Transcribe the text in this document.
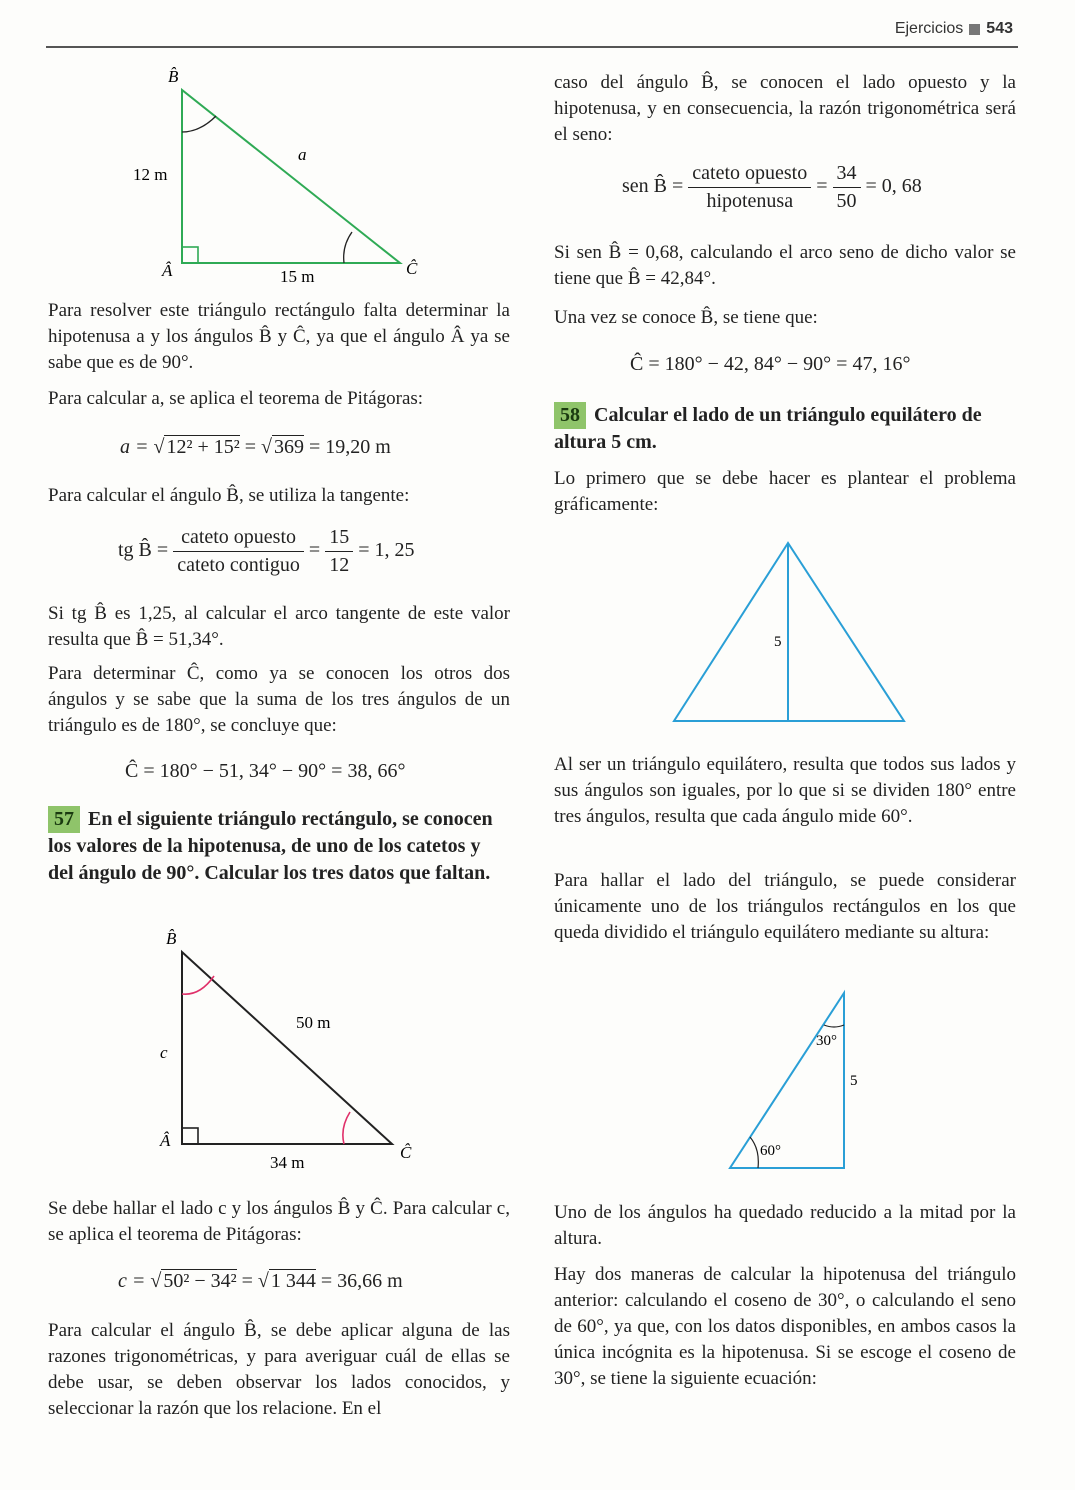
Ejercicios 543
B̂
Â	Ĉ
12 m
15 m
a

Para resolver este triángulo rectángulo falta determinar la hipotenusa a y los ángulos B̂ y Ĉ, ya que el ángulo Â ya se sabe que es de 90°.

Para calcular a, se aplica el teorema de Pitágoras:

a = √ 12² + 15² = √ 369 = 19,20 m

Para calcular el ángulo B̂, se utiliza la tangente:

tg B̂ = $\frac{\text{cateto opuesto}}{\text{cateto contiguo}} = \frac{15}{12} = 1$, 25

Si tg B̂ es 1,25, al calcular el arco tangente de este valor resulta que B̂ = 51,34°.

Para determinar Ĉ, como ya se conocen los otros dos ángulos y se sabe que la suma de los tres ángulos de un triángulo es de 180°, se concluye que:

Ĉ = 180° − 51, 34° − 90° = 38, 66°

57 En el siguiente triángulo rectángulo, se conocen los valores de la hipotenusa, de uno de los catetos y del ángulo de 90°. Calcular los tres datos que faltan.

B̂
Â
Ĉ
c
34 m
50 m

Se debe hallar el lado c y los ángulos B̂ y Ĉ. Para calcular c, se aplica el teorema de Pitágoras:

c = √ 50² − 34² = √ 1 344 = 36,66 m

Para calcular el ángulo B̂, se debe aplicar alguna de las razones trigonométricas, y para averiguar cuál de ellas se debe usar, se deben observar los lados conocidos, y seleccionar la razón que los relacione. En el

caso del ángulo B̂, se conocen el lado opuesto y la hipotenusa, y en consecuencia, la razón trigonométrica será el seno:

sen B̂ = $\frac{\text{cateto opuesto}}{\text{hipotenusa}} = \frac{34}{50} = 0$, 68

Si sen B̂ = 0,68, calculando el arco seno de dicho valor se tiene que B̂ = 42,84°.

Una vez se conoce B̂, se tiene que:

Ĉ = 180° − 42, 84° − 90° = 47, 16°

58 Calcular el lado de un triángulo equilátero de altura 5 cm.

Lo primero que se debe hacer es plantear el problema gráficamente:

5

Al ser un triángulo equilátero, resulta que todos sus lados y sus ángulos son iguales, por lo que si se dividen 180° entre tres ángulos, resulta que cada ángulo mide 60°.

Para hallar el lado del triángulo, se puede considerar únicamente uno de los triángulos rectángulos en los que queda dividido el triángulo equilátero mediante su altura:

30°
60°
5

Uno de los ángulos ha quedado reducido a la mitad por la altura.

Hay dos maneras de calcular la hipotenusa del triángulo anterior: calculando el coseno de 30°, o calculando el seno de 60°, ya que, con los datos disponibles, en ambos casos la única incógnita es la hipotenusa. Si se escoge el coseno de 30°, se tiene la siguiente ecuación:
